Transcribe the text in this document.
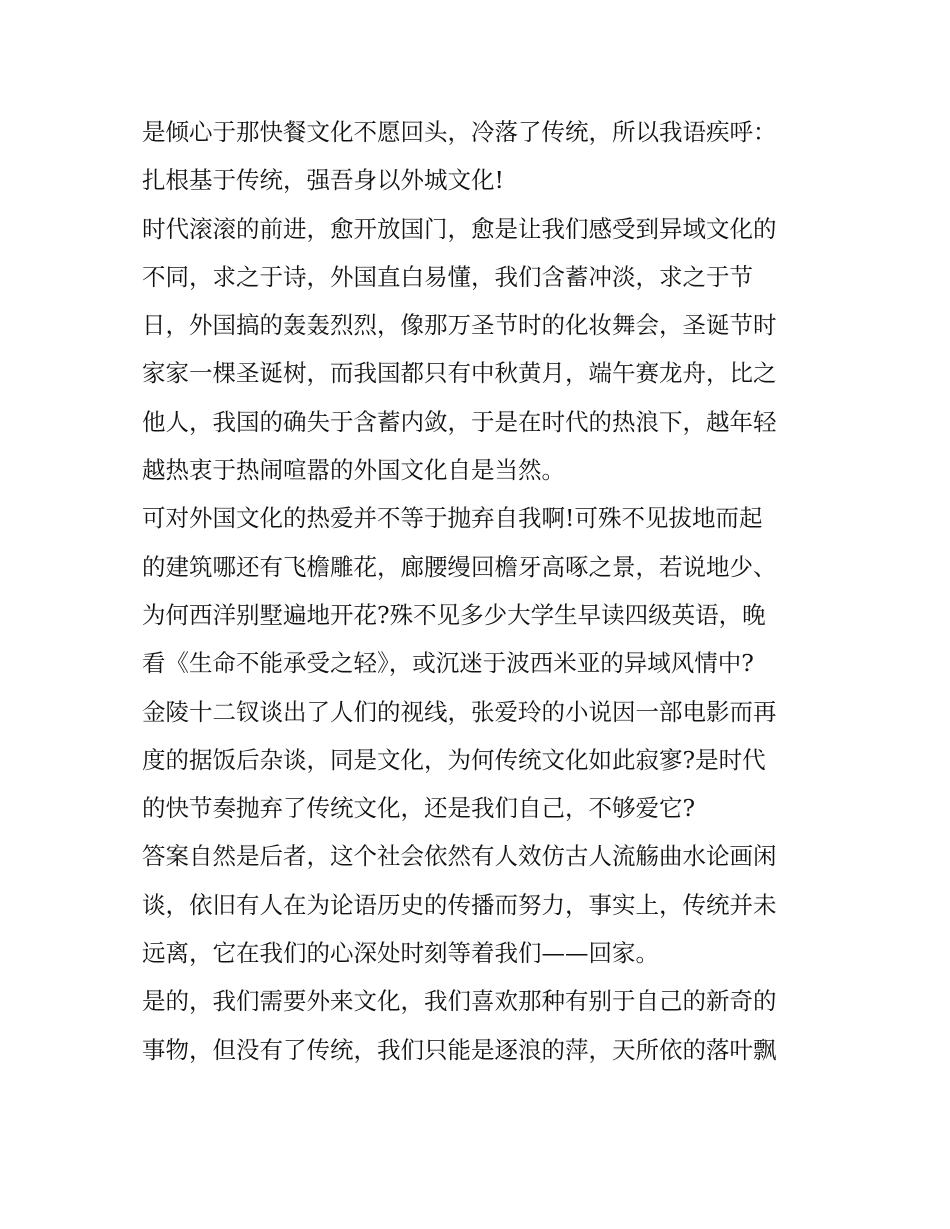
是倾心于那快餐文化不愿回头，冷落了传统，所以我语疾呼：
扎根基于传统，强吾身以外城文化!
时代滚滚的前进，愈开放国门，愈是让我们感受到异域文化的
不同，求之于诗，外国直白易懂，我们含蓄冲淡，求之于节
日，外国搞的轰轰烈烈，像那万圣节时的化妆舞会，圣诞节时
家家一棵圣诞树，而我国都只有中秋黄月，端午赛龙舟，比之
他人，我国的确失于含蓄内敛，于是在时代的热浪下，越年轻
越热衷于热闹喧嚣的外国文化自是当然。
可对外国文化的热爱并不等于抛弃自我啊!可殊不见拔地而起
的建筑哪还有飞檐雕花，廊腰缦回檐牙高啄之景，若说地少、
为何西洋别墅遍地开花?殊不见多少大学生早读四级英语，晚
看《生命不能承受之轻》，或沉迷于波西米亚的异域风情中?
金陵十二钗谈出了人们的视线，张爱玲的小说因一部电影而再
度的据饭后杂谈，同是文化，为何传统文化如此寂寥?是时代
的快节奏抛弃了传统文化，还是我们自己，不够爱它?
答案自然是后者，这个社会依然有人效仿古人流觞曲水论画闲
谈，依旧有人在为论语历史的传播而努力，事实上，传统并未
远离，它在我们的心深处时刻等着我们——回家。
是的，我们需要外来文化，我们喜欢那种有别于自己的新奇的
事物，但没有了传统，我们只能是逐浪的萍，天所依的落叶飘
